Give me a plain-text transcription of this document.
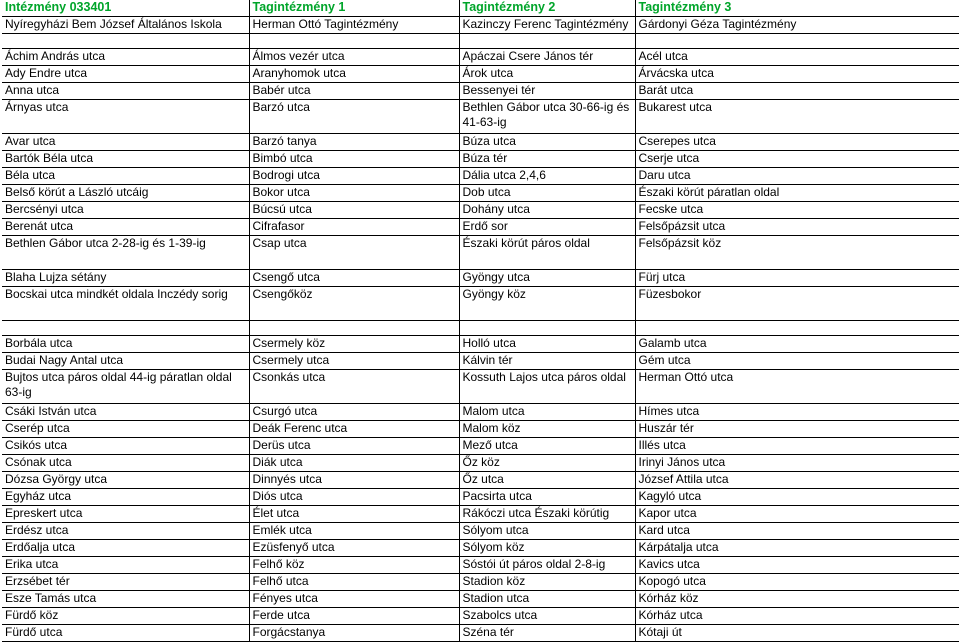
Intézmény 033401	Tagintézmény 1	Tagintézmény 2	Tagintézmény 3
Nyíregyházi Bem József Általános Iskola	Herman Ottó Tagintézmény	Kazinczy Ferenc Tagintézmény	Gárdonyi Géza Tagintézmény

Áchim András utca	Álmos vezér utca	Apáczai Csere János tér	Acél utca
Ady Endre utca	Aranyhomok utca	Árok utca	Árvácska utca
Anna utca	Babér utca	Bessenyei tér	Barát utca
Árnyas utca	Barzó utca	Bethlen Gábor utca 30-66-ig és 41-63-ig	Bukarest utca
Avar utca	Barzó tanya	Búza utca	Cserepes utca
Bartók Béla utca	Bimbó utca	Búza tér	Cserje utca
Béla utca	Bodrogi utca	Dália utca 2,4,6	Daru utca
Belső körút a László utcáig	Bokor utca	Dob utca	Északi körút páratlan oldal
Bercsényi utca	Búcsú utca	Dohány utca	Fecske utca
Berenát utca	Cifrafasor	Erdő sor	Felsőpázsit utca
Bethlen Gábor utca 2-28-ig és 1-39-ig	Csap utca	Északi körút páros oldal	Felsőpázsit köz
Blaha Lujza sétány	Csengő utca	Gyöngy utca	Fürj utca
Bocskai utca mindkét oldala Inczédy sorig	Csengőköz	Gyöngy köz	Füzesbokor

Borbála utca	Csermely köz	Holló utca	Galamb utca
Budai Nagy Antal utca	Csermely utca	Kálvin tér	Gém utca
Bujtos utca páros oldal 44-ig páratlan oldal 63-ig	Csonkás utca	Kossuth Lajos utca páros oldal	Herman Ottó utca
Csáki István utca	Csurgó utca	Malom utca	Hímes utca
Cserép utca	Deák Ferenc utca	Malom köz	Huszár tér
Csikós utca	Derüs utca	Mező utca	Illés utca
Csónak utca	Diák utca	Őz köz	Irinyi János utca
Dózsa György utca	Dinnyés utca	Őz utca	József Attila utca
Egyház utca	Diós utca	Pacsirta utca	Kagyló utca
Epreskert utca	Élet utca	Rákóczi utca Északi körútig	Kapor utca
Erdész utca	Emlék utca	Sólyom utca	Kard utca
Erdőalja utca	Ezüsfenyő utca	Sólyom köz	Kárpátalja utca
Erika utca	Felhő köz	Sóstói út páros oldal 2-8-ig	Kavics utca
Erzsébet tér	Felhő utca	Stadion köz	Kopogó utca
Esze Tamás utca	Fényes utca	Stadion utca	Kórház köz
Fürdő köz	Ferde utca	Szabolcs utca	Kórház utca
Fürdő utca	Forgácstanya	Széna tér	Kótaji út
